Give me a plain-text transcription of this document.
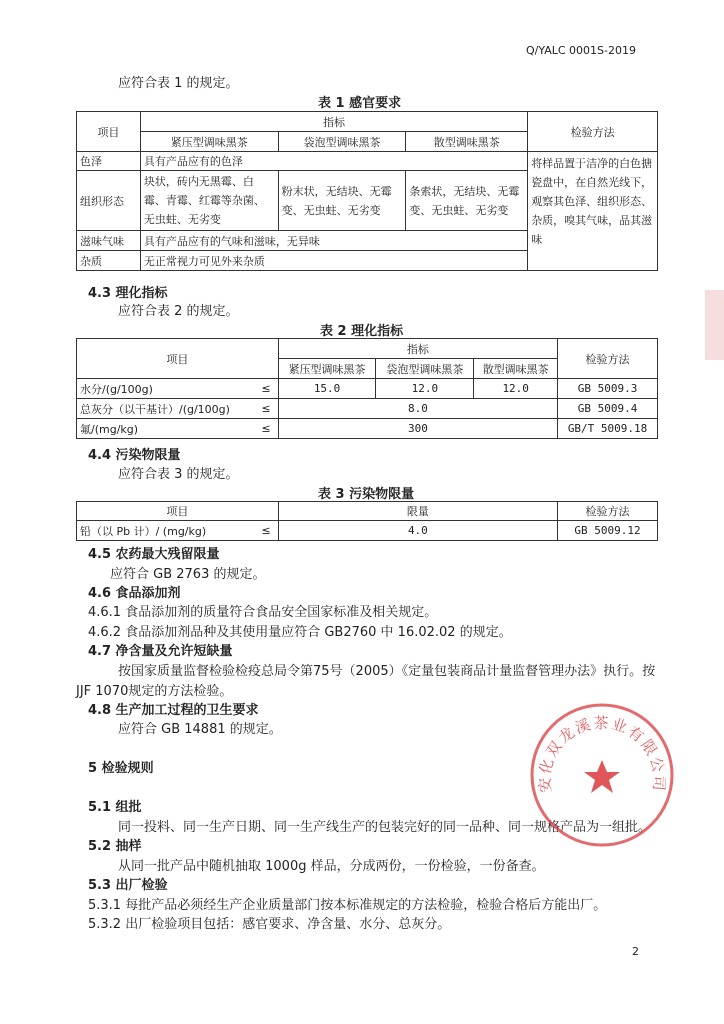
Q/YALC 0001S-2019
应符合表 1 的规定。
表 1 感官要求
项目	指标			检验方法
	紧压型调味黑茶	袋泡型调味黑茶	散型调味黑茶	
色泽	具有产品应有的色泽			将样品置于洁净的白色搪瓷盘中，在自然光线下，观察其色泽、组织形态、杂质，嗅其气味，品其滋味
组织形态	块状，砖内无黑霉、白霉、青霉、红霉等杂菌、无虫蛀、无劣变	粉末状，无结块、无霉变、无虫蛀、无劣变	条索状，无结块、无霉变、无虫蛀、无劣变	
滋味气味	具有产品应有的气味和滋味，无异味			
杂质	无正常视力可见外来杂质			
4.3 理化指标
应符合表 2 的规定。
表 2 理化指标
项目		指标			检验方法
		紧压型调味黑茶	袋泡型调味黑茶	散型调味黑茶	
水分/(g/100g)	≤	15.0	12.0	12.0	GB 5009.3
总灰分（以干基计）/(g/100g)	≤	8.0			GB 5009.4
氟/(mg/kg)	≤	300			GB/T 5009.18
4.4 污染物限量
应符合表 3 的规定。
表 3 污染物限量
项目		限量	检验方法
铅（以 Pb 计）/ (mg/kg)	≤	4.0	GB 5009.12
4.5 农药最大残留限量
应符合 GB 2763 的规定。
4.6 食品添加剂
4.6.1 食品添加剂的质量符合食品安全国家标准及相关规定。
4.6.2 食品添加剂品种及其使用量应符合 GB2760 中 16.02.02 的规定。
4.7 净含量及允许短缺量
按国家质量监督检验检疫总局令第75号（2005）《定量包装商品计量监督管理办法》执行。按
JJF 1070规定的方法检验。
4.8 生产加工过程的卫生要求
应符合 GB 14881 的规定。
5 检验规则
5.1 组批
同一投料、同一生产日期、同一生产线生产的包装完好的同一品种、同一规格产品为一组批。
5.2 抽样
从同一批产品中随机抽取 1000g 样品，分成两份，一份检验，一份备查。
5.3 出厂检验
5.3.1 每批产品必须经生产企业质量部门按本标准规定的方法检验，检验合格后方能出厂。
5.3.2 出厂检验项目包括：感官要求、净含量、水分、总灰分。
安化双龙溪茶业有限公司
2
